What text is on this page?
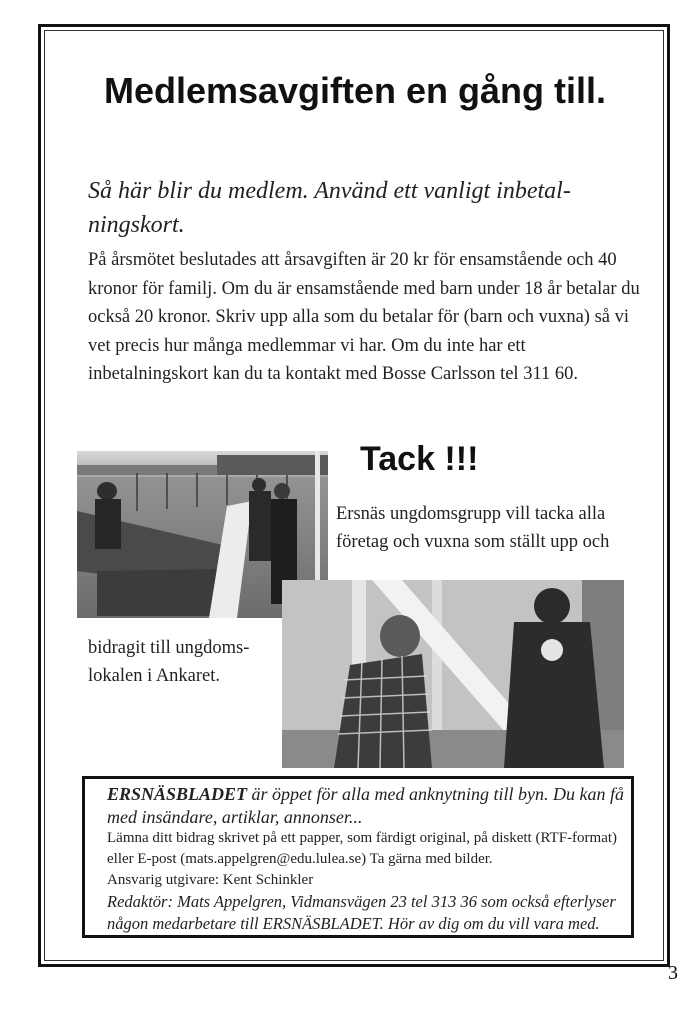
Medlemsavgiften en gång till.
Så här blir du medlem. Använd ett vanligt inbetal-
ningskort.

På årsmötet beslutades att årsavgiften är 20 kr för ensamstående och 40 kronor för familj. Om du är ensamstående med barn under 18 år betalar du också 20 kronor. Skriv upp alla som du betalar för (barn och vuxna) så vi vet precis hur många medlemmar vi har. Om du inte har ett inbetalningskort kan du ta kontakt med Bosse Carlsson tel 311 60.

Tack !!!

Ersnäs ungdomsgrupp vill tacka alla företag och vuxna som ställt upp och

bidragit till ungdoms-lokalen i Ankaret.

ERSNÄSBLADET är öppet för alla med anknytning till byn. Du kan få med insändare, artiklar, annonser...
Lämna ditt bidrag skrivet på ett papper, som färdigt original, på diskett (RTF-format) eller E-post (mats.appelgren@edu.lulea.se) Ta gärna med bilder.
Ansvarig utgivare: Kent Schinkler
Redaktör: Mats Appelgren, Vidmansvägen 23 tel 313 36 som också efterlyser någon medarbetare till ERSNÄSBLADET. Hör av dig om du vill vara med.
3
